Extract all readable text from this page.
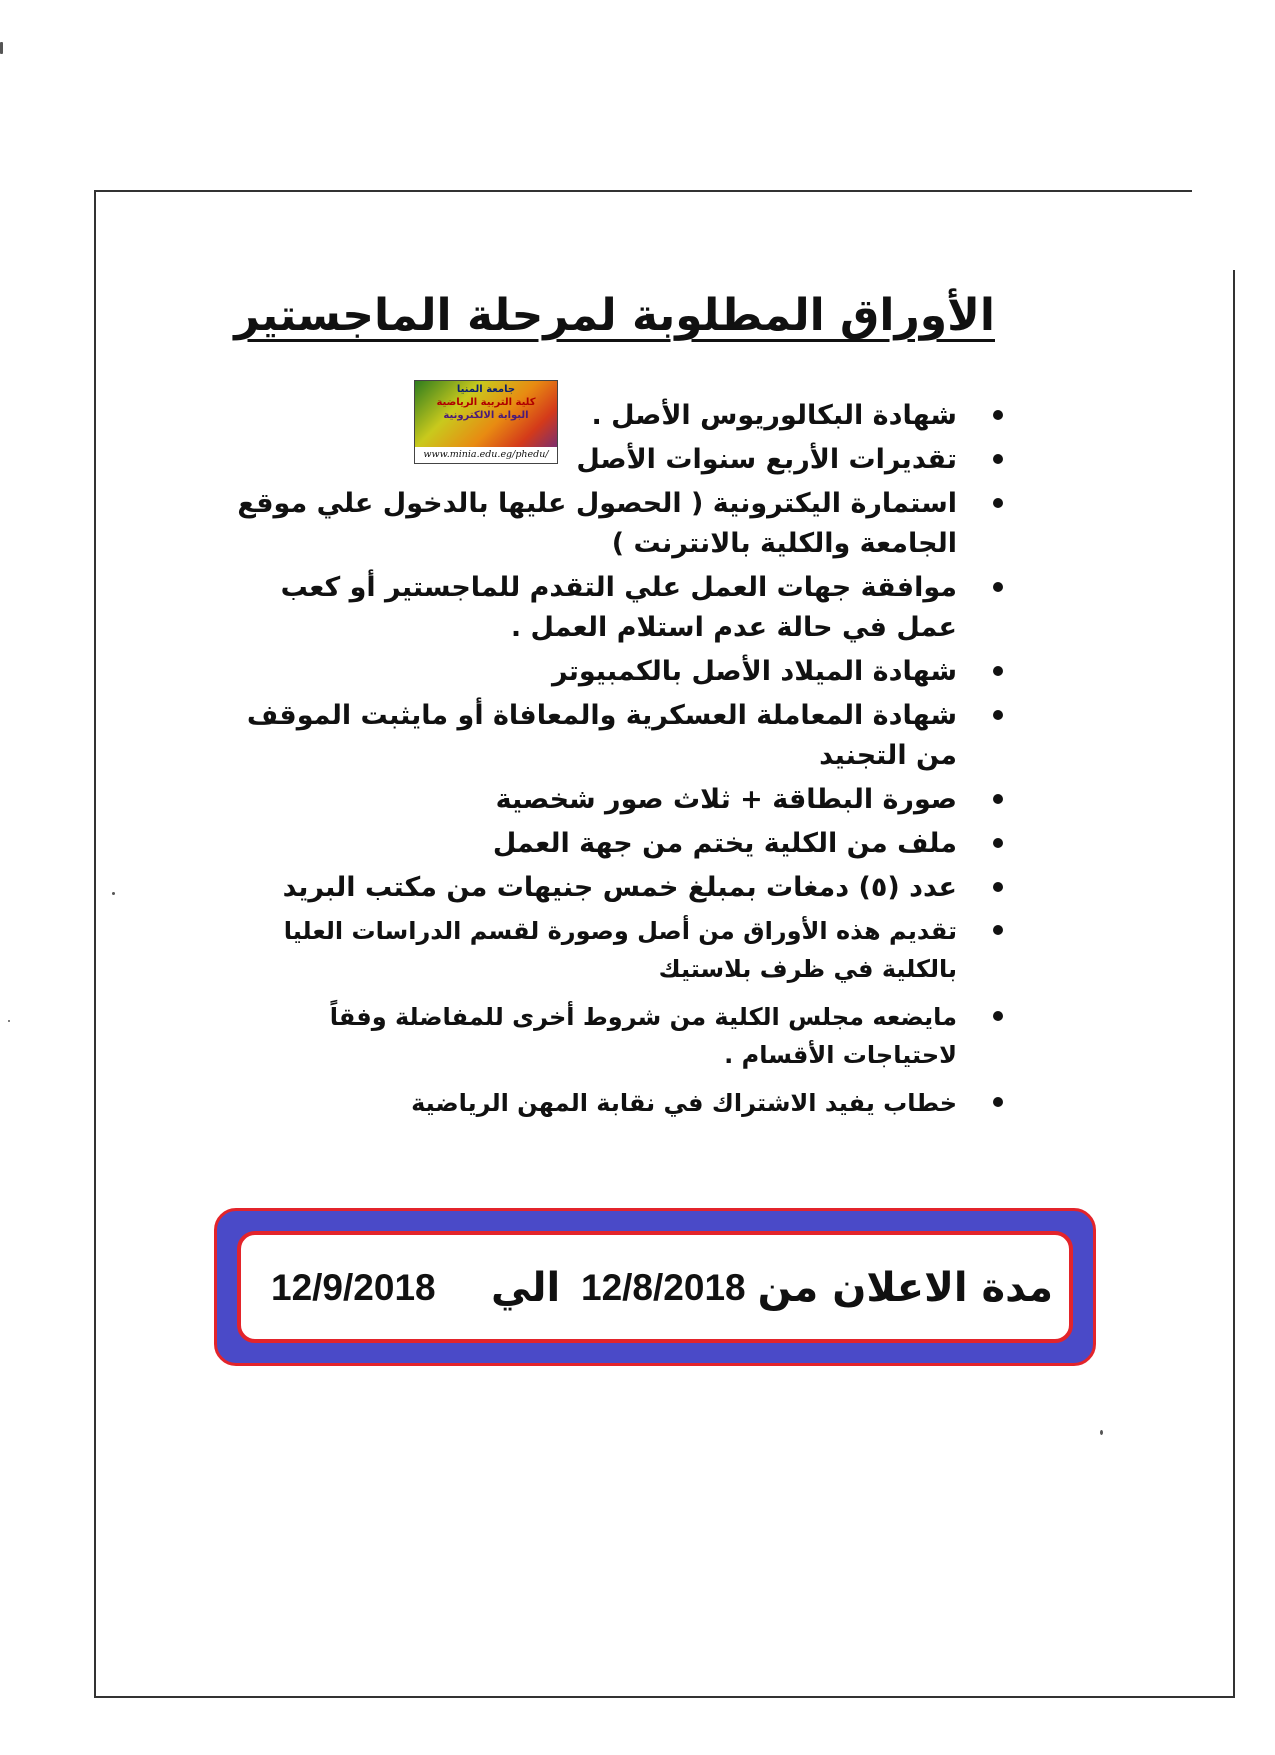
الأوراق المطلوبة لمرحلة الماجستير
جامعة المنيا
كلية التربية الرياضية
البوابة الالكترونية
www.minia.edu.eg/phedu/
شهادة البكالوريوس الأصل .
تقديرات الأربع سنوات الأصل
استمارة اليكترونية ( الحصول عليها بالدخول علي موقع الجامعة والكلية بالانترنت )
موافقة جهات العمل علي التقدم للماجستير أو كعب عمل في حالة عدم استلام العمل .
شهادة الميلاد الأصل بالكمبيوتر
شهادة المعاملة العسكرية والمعافاة أو مايثبت الموقف من التجنيد
صورة البطاقة + ثلاث صور شخصية
ملف من الكلية يختم من جهة العمل
عدد (٥) دمغات بمبلغ خمس جنيهات من مكتب البريد
تقديم هذه الأوراق من أصل وصورة لقسم الدراسات العليا بالكلية في ظرف بلاستيك
مايضعه مجلس الكلية من شروط أخرى للمفاضلة وفقاً لاحتياجات الأقسام .
خطاب يفيد الاشتراك في نقابة المهن الرياضية
مدة الاعلان من
12/8/2018
الي
12/9/2018
